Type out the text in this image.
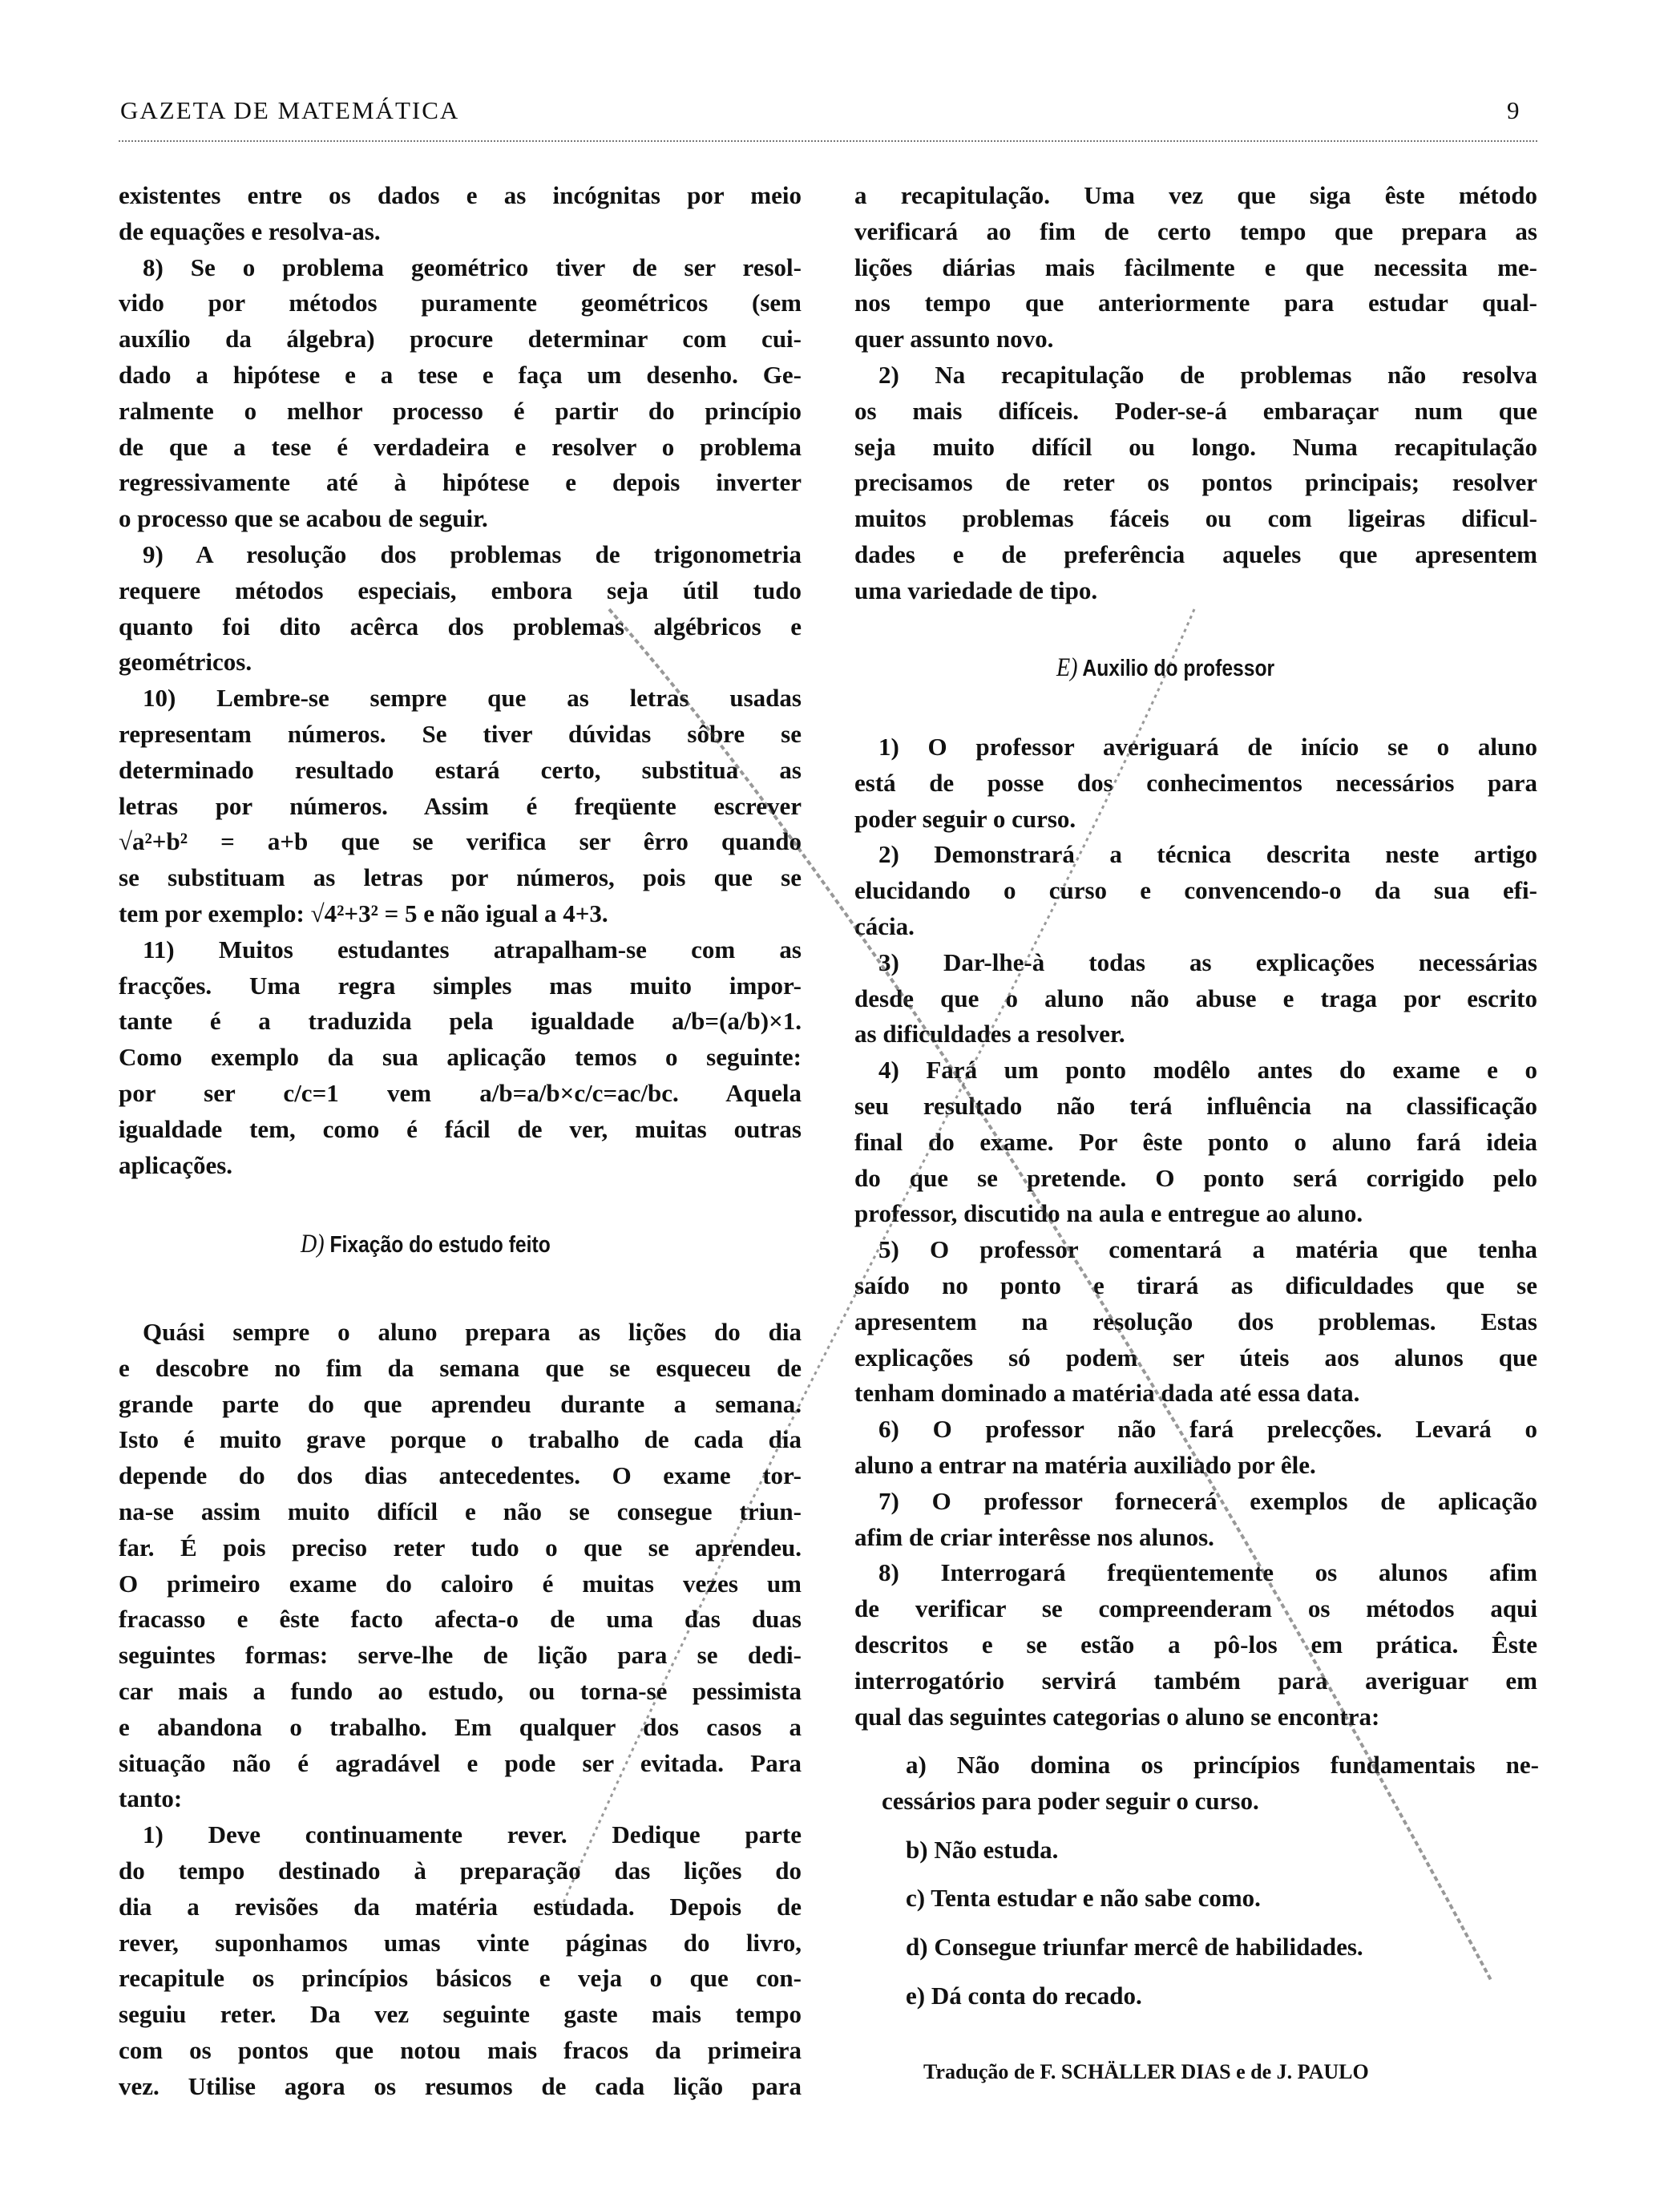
GAZETA DE MATEMÁTICA	9
existentes entre os dados e as incógnitas por meio
de equações e resolva-as.
8) Se o problema geométrico tiver de ser resol-
vido por métodos puramente geométricos (sem
auxílio da álgebra) procure determinar com cui-
dado a hipótese e a tese e faça um desenho. Ge-
ralmente o melhor processo é partir do princípio
de que a tese é verdadeira e resolver o problema
regressivamente até à hipótese e depois inverter
o processo que se acabou de seguir.
9) A resolução dos problemas de trigonometria
requere métodos especiais, embora seja útil tudo
quanto foi dito acêrca dos problemas algébricos e
geométricos.
10) Lembre-se sempre que as letras usadas
representam números. Se tiver dúvidas sôbre se
determinado resultado estará certo, substitua as
letras por números. Assim é freqüente escrever
√a²+b² = a+b que se verifica ser êrro quando
se substituam as letras por números, pois que se
tem por exemplo: √4²+3² = 5 e não igual a 4+3.
11) Muitos estudantes atrapalham-se com as
fracções. Uma regra simples mas muito impor-
tante é a traduzida pela igualdade a/b=(a/b)×1.
Como exemplo da sua aplicação temos o seguinte:
por ser c/c=1 vem a/b=a/b×c/c=ac/bc. Aquela
igualdade tem, como é fácil de ver, muitas outras
aplicações.
D) Fixação do estudo feito
Quási sempre o aluno prepara as lições do dia
e descobre no fim da semana que se esqueceu de
grande parte do que aprendeu durante a semana.
Isto é muito grave porque o trabalho de cada dia
depende do dos dias antecedentes. O exame tor-
na-se assim muito difícil e não se consegue triun-
far. É pois preciso reter tudo o que se aprendeu.
O primeiro exame do caloiro é muitas vezes um
fracasso e êste facto afecta-o de uma das duas
seguintes formas: serve-lhe de lição para se dedi-
car mais a fundo ao estudo, ou torna-se pessimista
e abandona o trabalho. Em qualquer dos casos a
situação não é agradável e pode ser evitada. Para
tanto:
1) Deve continuamente rever. Dedique parte
do tempo destinado à preparação das lições do
dia a revisões da matéria estudada. Depois de
rever, suponhamos umas vinte páginas do livro,
recapitule os princípios básicos e veja o que con-
seguiu reter. Da vez seguinte gaste mais tempo
com os pontos que notou mais fracos da primeira
vez. Utilise agora os resumos de cada lição para
a recapitulação. Uma vez que siga êste método
verificará ao fim de certo tempo que prepara as
lições diárias mais fàcilmente e que necessita me-
nos tempo que anteriormente para estudar qual-
quer assunto novo.
2) Na recapitulação de problemas não resolva
os mais difíceis. Poder-se-á embaraçar num que
seja muito difícil ou longo. Numa recapitulação
precisamos de reter os pontos principais; resolver
muitos problemas fáceis ou com ligeiras dificul-
dades e de preferência aqueles que apresentem
uma variedade de tipo.
E) Auxilio do professor
1) O professor averiguará de início se o aluno
está de posse dos conhecimentos necessários para
poder seguir o curso.
2) Demonstrará a técnica descrita neste artigo
elucidando o curso e convencendo-o da sua efi-
cácia.
3) Dar-lhe-à todas as explicações necessárias
desde que o aluno não abuse e traga por escrito
as dificuldades a resolver.
4) Fará um ponto modêlo antes do exame e o
seu resultado não terá influência na classificação
final do exame. Por êste ponto o aluno fará ideia
do que se pretende. O ponto será corrigido pelo
professor, discutido na aula e entregue ao aluno.
5) O professor comentará a matéria que tenha
saído no ponto e tirará as dificuldades que se
apresentem na resolução dos problemas. Estas
explicações só podem ser úteis aos alunos que
tenham dominado a matéria dada até essa data.
6) O professor não fará prelecções. Levará o
aluno a entrar na matéria auxiliado por êle.
7) O professor fornecerá exemplos de aplicação
afim de criar interêsse nos alunos.
8) Interrogará freqüentemente os alunos afim
de verificar se compreenderam os métodos aqui
descritos e se estão a pô-los em prática. Êste
interrogatório servirá também para averiguar em
qual das seguintes categorias o aluno se encontra:
a) Não domina os princípios fundamentais ne-
cessários para poder seguir o curso.
b) Não estuda.
c) Tenta estudar e não sabe como.
d) Consegue triunfar mercê de habilidades.
e) Dá conta do recado.
Tradução de F. SCHÄLLER DIAS e de J. PAULO
